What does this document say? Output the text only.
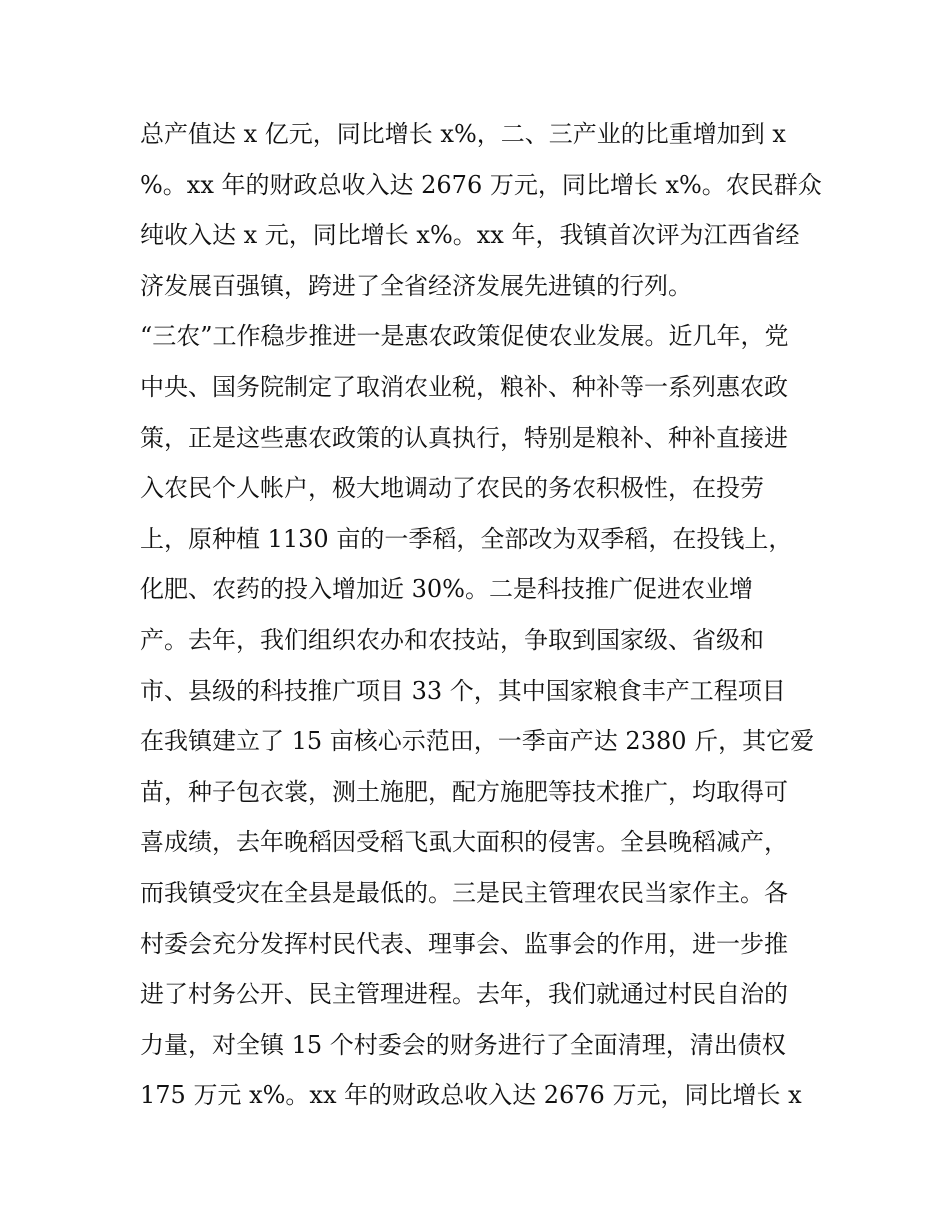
总产值达 x 亿元，同比增长 x%，二、三产业的比重增加到 x
%。xx 年的财政总收入达 2676 万元，同比增长 x%。农民群众
纯收入达 x 元，同比增长 x%。xx 年，我镇首次评为江西省经
济发展百强镇，跨进了全省经济发展先进镇的行列。
“三农”工作稳步推进一是惠农政策促使农业发展。近几年，党
中央、国务院制定了取消农业税，粮补、种补等一系列惠农政
策，正是这些惠农政策的认真执行，特别是粮补、种补直接进
入农民个人帐户，极大地调动了农民的务农积极性，在投劳
上，原种植 1130 亩的一季稻，全部改为双季稻，在投钱上，
化肥、农药的投入增加近 30%。二是科技推广促进农业增
产。去年，我们组织农办和农技站，争取到国家级、省级和
市、县级的科技推广项目 33 个，其中国家粮食丰产工程项目
在我镇建立了 15 亩核心示范田，一季亩产达 2380 斤，其它爱
苗，种子包衣裳，测土施肥，配方施肥等技术推广，均取得可
喜成绩，去年晚稻因受稻飞虱大面积的侵害。全县晚稻减产，
而我镇受灾在全县是最低的。三是民主管理农民当家作主。各
村委会充分发挥村民代表、理事会、监事会的作用，进一步推
进了村务公开、民主管理进程。去年，我们就通过村民自治的
力量，对全镇 15 个村委会的财务进行了全面清理，清出债权
175 万元 x%。xx 年的财政总收入达 2676 万元，同比增长 x
